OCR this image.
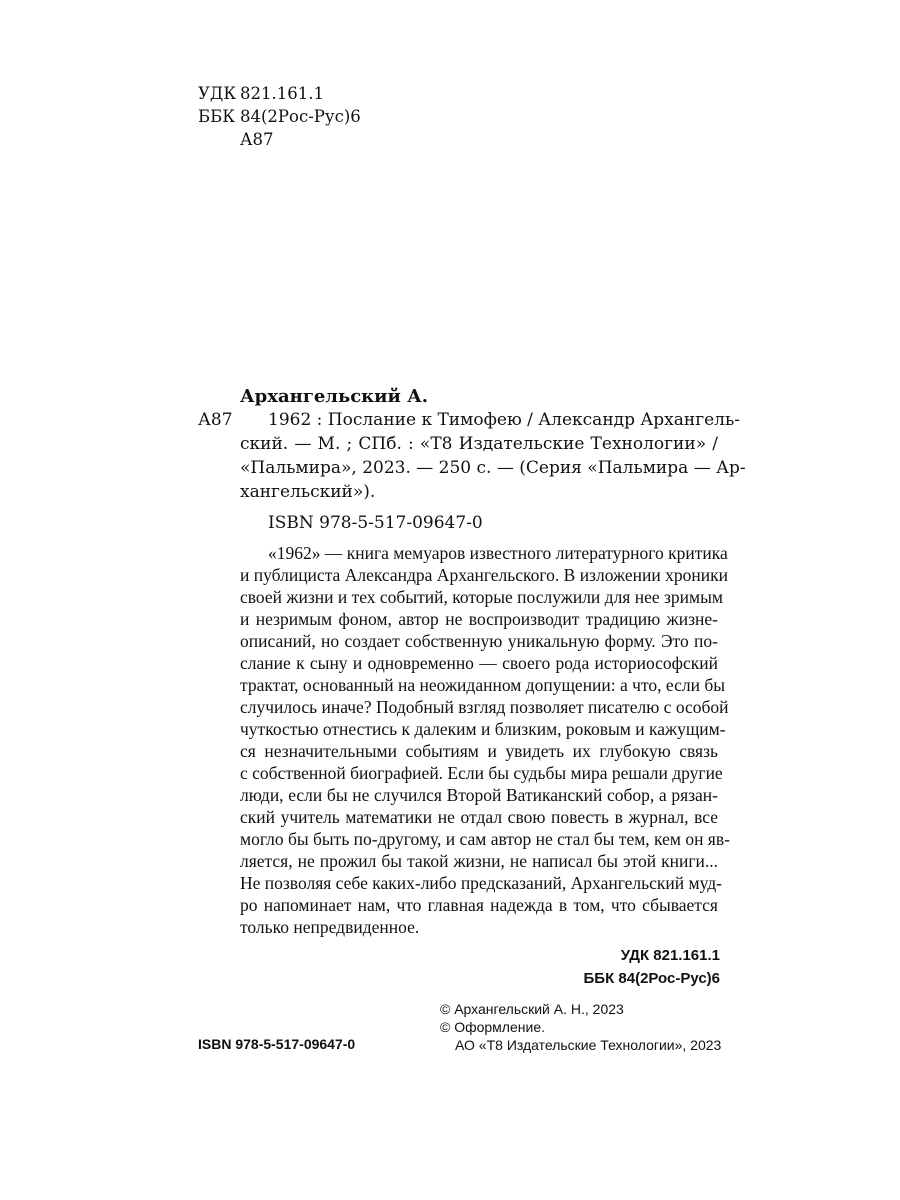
УДК 821.161.1
ББК 84(2Рос-Рус)6
А87
Архангельский А.
А87 1962 : Послание к Тимофею / Александр Архангель-
ский. — М. ; СПб. : «Т8 Издательские Технологии» /
«Пальмира», 2023. — 250 с. — (Серия «Пальмира — Ар-
хангельский»).
ISBN 978-5-517-09647-0
«1962» — книга мемуаров известного литературного критика
и публициста Александра Архангельского. В изложении хроники
своей жизни и тех событий, которые послужили для нее зримым
и незримым фоном, автор не воспроизводит традицию жизне-
описаний, но создает собственную уникальную форму. Это по-
слание к сыну и одновременно — своего рода историософский
трактат, основанный на неожиданном допущении: а что, если бы
случилось иначе? Подобный взгляд позволяет писателю с особой
чуткостью отнестись к далеким и близким, роковым и кажущим-
ся незначительными событиям и увидеть их глубокую связь
с собственной биографией. Если бы судьбы мира решали другие
люди, если бы не случился Второй Ватиканский собор, а рязан-
ский учитель математики не отдал свою повесть в журнал, все
могло бы быть по-другому, и сам автор не стал бы тем, кем он яв-
ляется, не прожил бы такой жизни, не написал бы этой книги...
Не позволяя себе каких-либо предсказаний, Архангельский муд-
ро напоминает нам, что главная надежда в том, что сбывается
только непредвиденное.
УДК 821.161.1
ББК 84(2Рос-Рус)6
© Архангельский А. Н., 2023
© Оформление.
АО «Т8 Издательские Технологии», 2023
ISBN 978-5-517-09647-0
